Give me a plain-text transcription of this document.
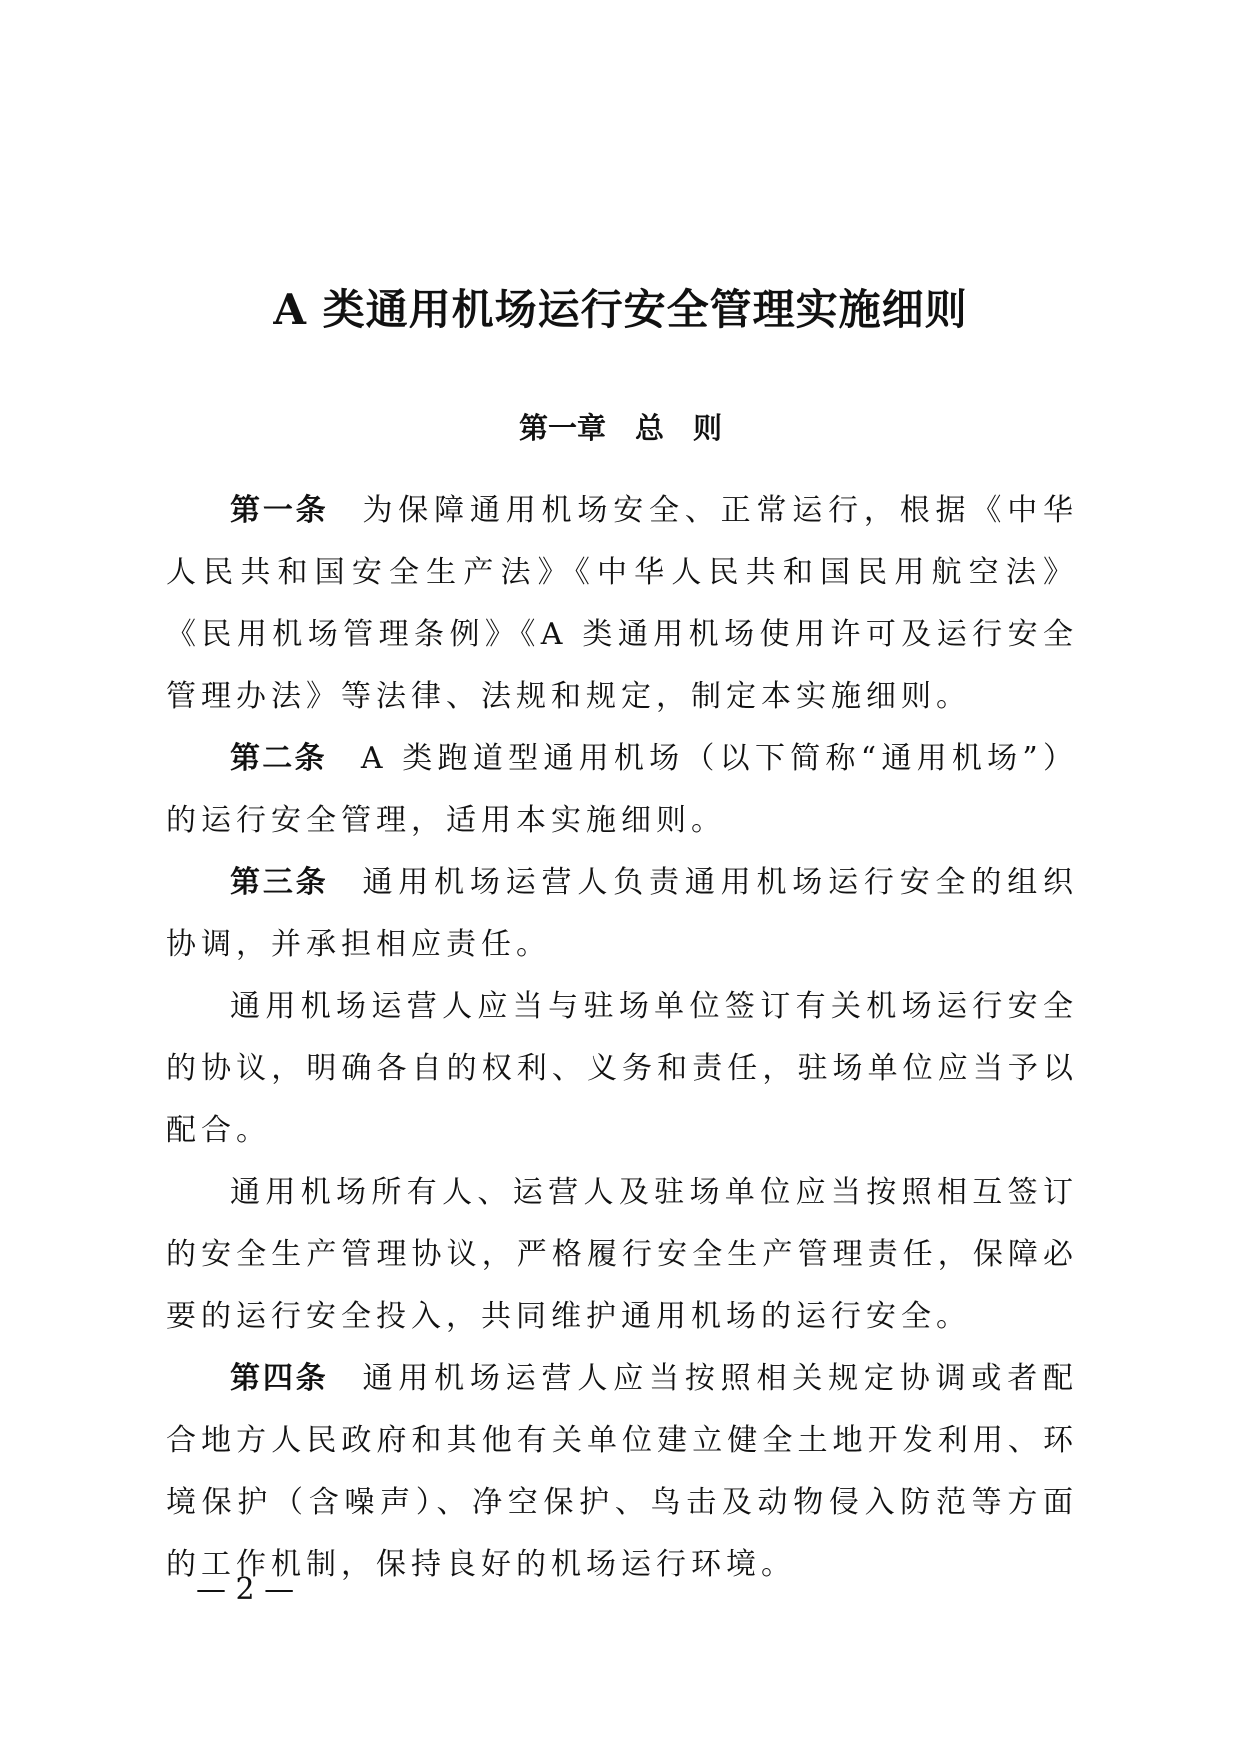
A 类通用机场运行安全管理实施细则
第一章　总　则

第一条 为保障通用机场安全、正常运行，根据《中华人民共和国安全生产法》《中华人民共和国民用航空法》《民用机场管理条例》《A 类通用机场使用许可及运行安全管理办法》等法律、法规和规定，制定本实施细则。

第二条 A 类跑道型通用机场（以下简称“通用机场”）的运行安全管理，适用本实施细则。

第三条 通用机场运营人负责通用机场运行安全的组织协调，并承担相应责任。

通用机场运营人应当与驻场单位签订有关机场运行安全的协议，明确各自的权利、义务和责任，驻场单位应当予以配合。

通用机场所有人、运营人及驻场单位应当按照相互签订的安全生产管理协议，严格履行安全生产管理责任，保障必要的运行安全投入，共同维护通用机场的运行安全。

第四条 通用机场运营人应当按照相关规定协调或者配合地方人民政府和其他有关单位建立健全土地开发利用、环境保护（含噪声）、净空保护、鸟击及动物侵入防范等方面的工作机制，保持良好的机场运行环境。

— 2 —
